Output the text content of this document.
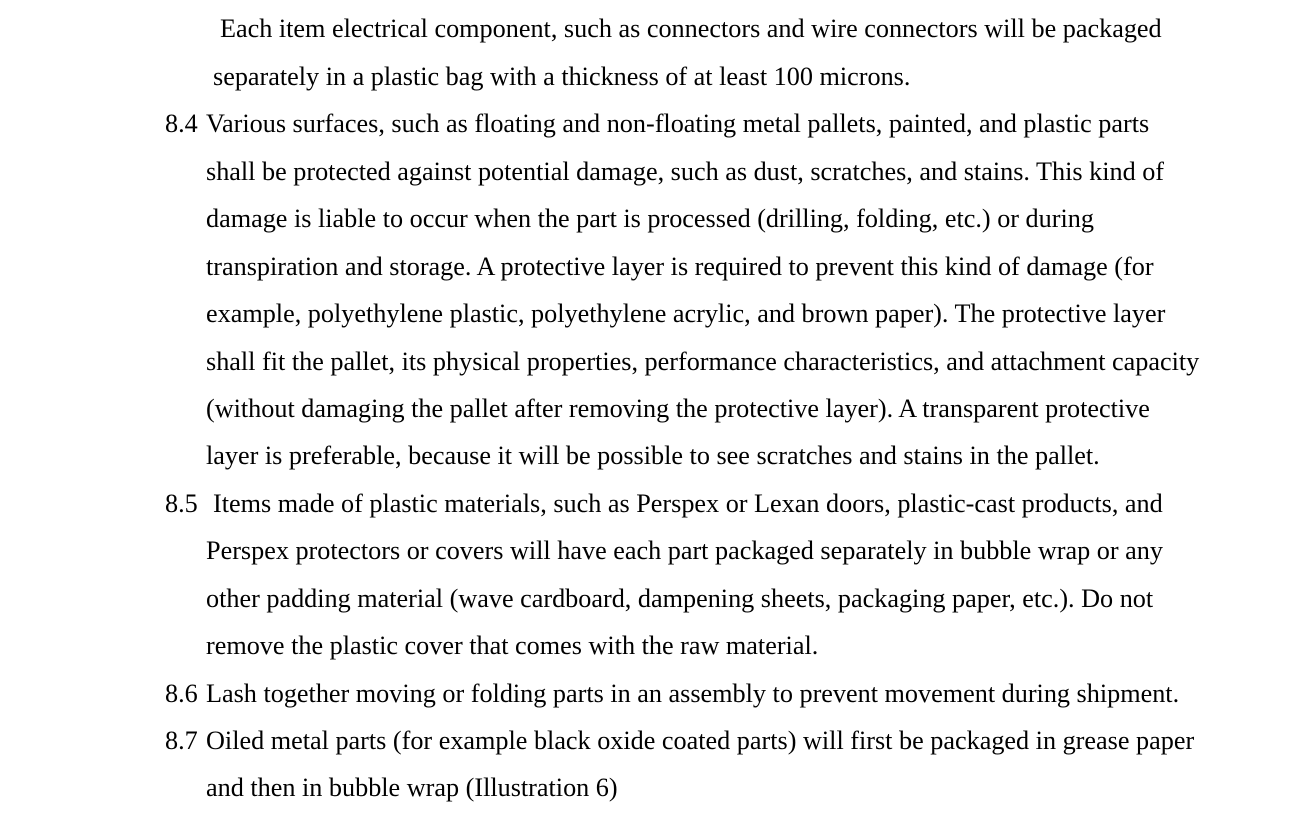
Each item electrical component, such as connectors and wire connectors will be packaged
separately in a plastic bag with a thickness of at least 100 microns.
8.4 Various surfaces, such as floating and non-floating metal pallets, painted, and plastic parts
shall be protected against potential damage, such as dust, scratches, and stains. This kind of
damage is liable to occur when the part is processed (drilling, folding, etc.) or during
transpiration and storage. A protective layer is required to prevent this kind of damage (for
example, polyethylene plastic, polyethylene acrylic, and brown paper). The protective layer
shall fit the pallet, its physical properties, performance characteristics, and attachment capacity
(without damaging the pallet after removing the protective layer). A transparent protective
layer is preferable, because it will be possible to see scratches and stains in the pallet.
8.5 Items made of plastic materials, such as Perspex or Lexan doors, plastic-cast products, and
Perspex protectors or covers will have each part packaged separately in bubble wrap or any
other padding material (wave cardboard, dampening sheets, packaging paper, etc.). Do not
remove the plastic cover that comes with the raw material.
8.6 Lash together moving or folding parts in an assembly to prevent movement during shipment.
8.7 Oiled metal parts (for example black oxide coated parts) will first be packaged in grease paper
and then in bubble wrap (Illustration 6)
